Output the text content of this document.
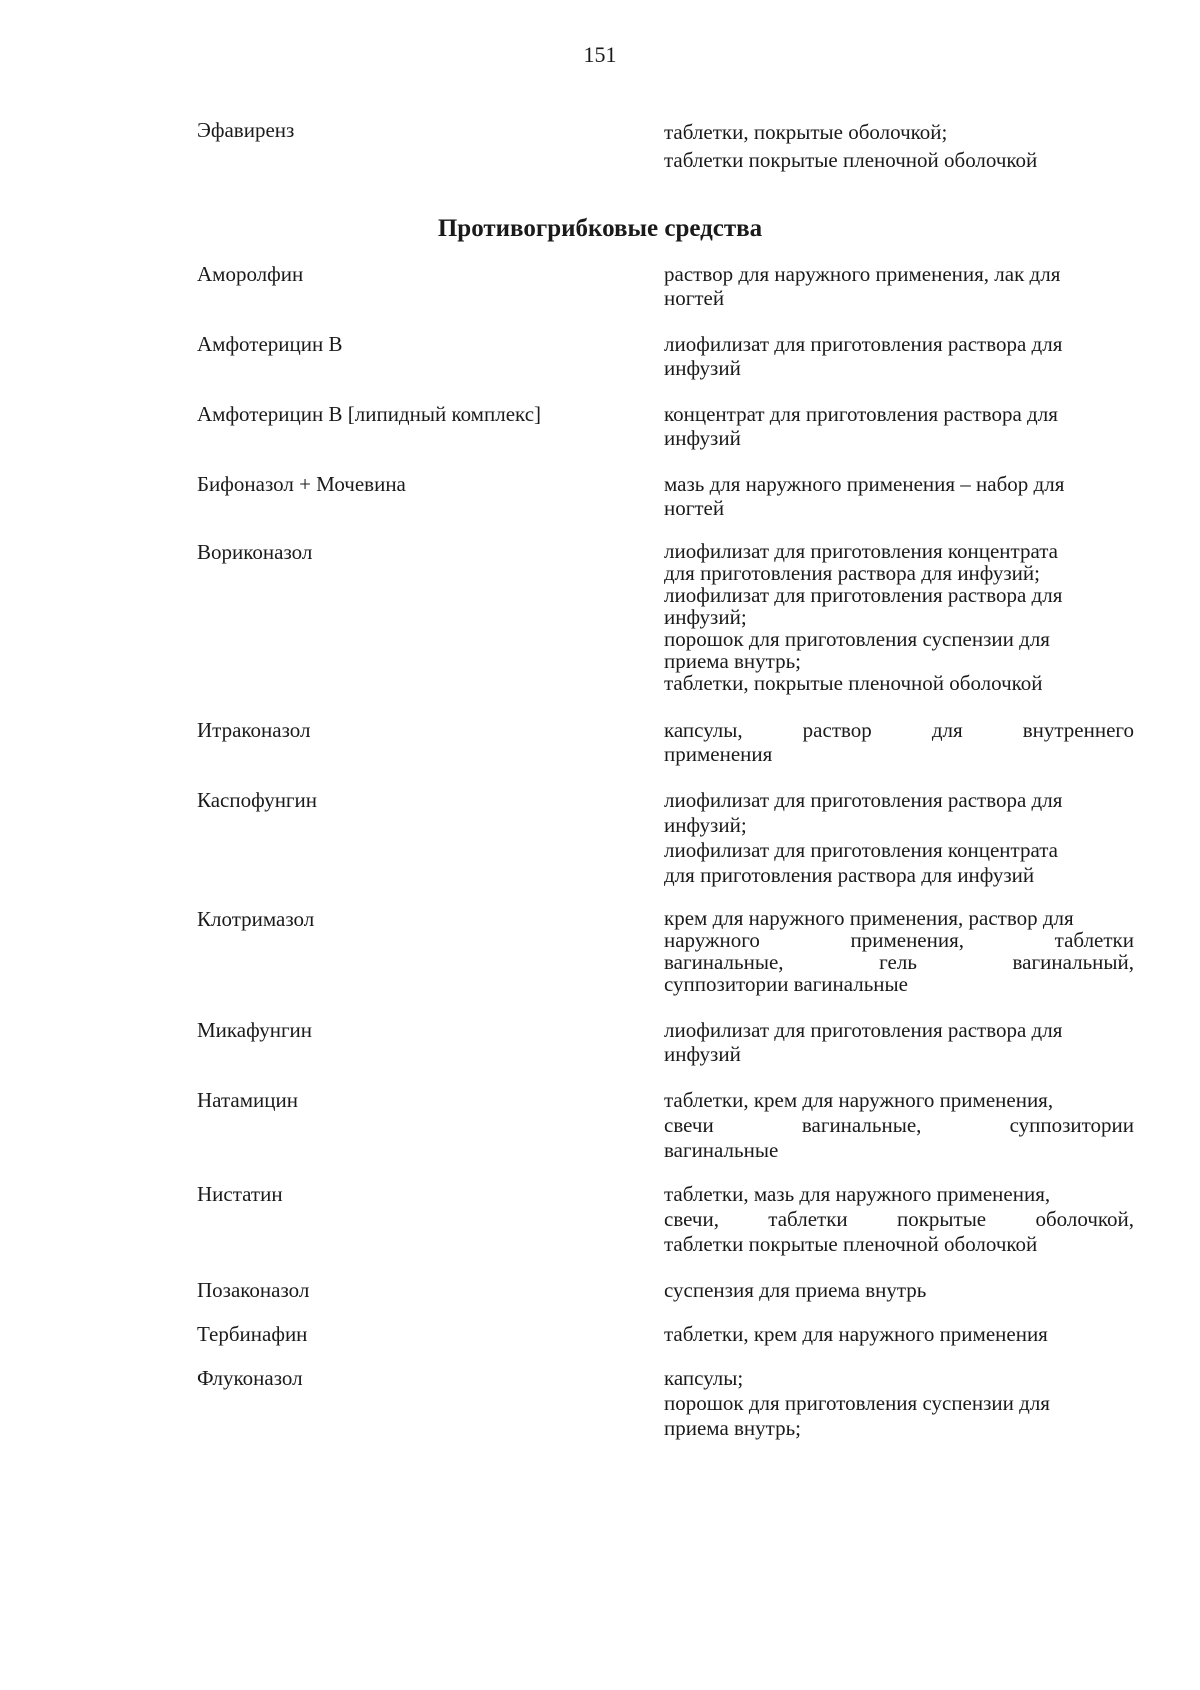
151
Эфавиренз	таблетки, покрытые оболочкой;
таблетки покрытые пленочной оболочкой
Противогрибковые средства
Аморолфин	раствор для наружного применения, лак для
ногтей
Амфотерицин В	лиофилизат для приготовления раствора для
инфузий
Амфотерицин В [липидный комплекс]	концентрат для приготовления раствора для
инфузий
Бифоназол + Мочевина	мазь для наружного применения – набор для
ногтей
Вориконазол	лиофилизат для приготовления концентрата
для приготовления раствора для инфузий;
лиофилизат для приготовления раствора для
инфузий;
порошок для приготовления суспензии для
приема внутрь;
таблетки, покрытые пленочной оболочкой
Итраконазол	капсулы, раствор для внутреннего
применения
Каспофунгин	лиофилизат для приготовления раствора для
инфузий;
лиофилизат для приготовления концентрата
для приготовления раствора для инфузий
Клотримазол	крем для наружного применения, раствор для
наружного применения, таблетки
вагинальные, гель вагинальный,
суппозитории вагинальные
Микафунгин	лиофилизат для приготовления раствора для
инфузий
Натамицин	таблетки, крем для наружного применения,
свечи вагинальные, суппозитории
вагинальные
Нистатин	таблетки, мазь для наружного применения,
свечи, таблетки покрытые оболочкой,
таблетки покрытые пленочной оболочкой
Позаконазол	суспензия для приема внутрь
Тербинафин	таблетки, крем для наружного применения
Флуконазол	капсулы;
порошок для приготовления суспензии для
приема внутрь;
